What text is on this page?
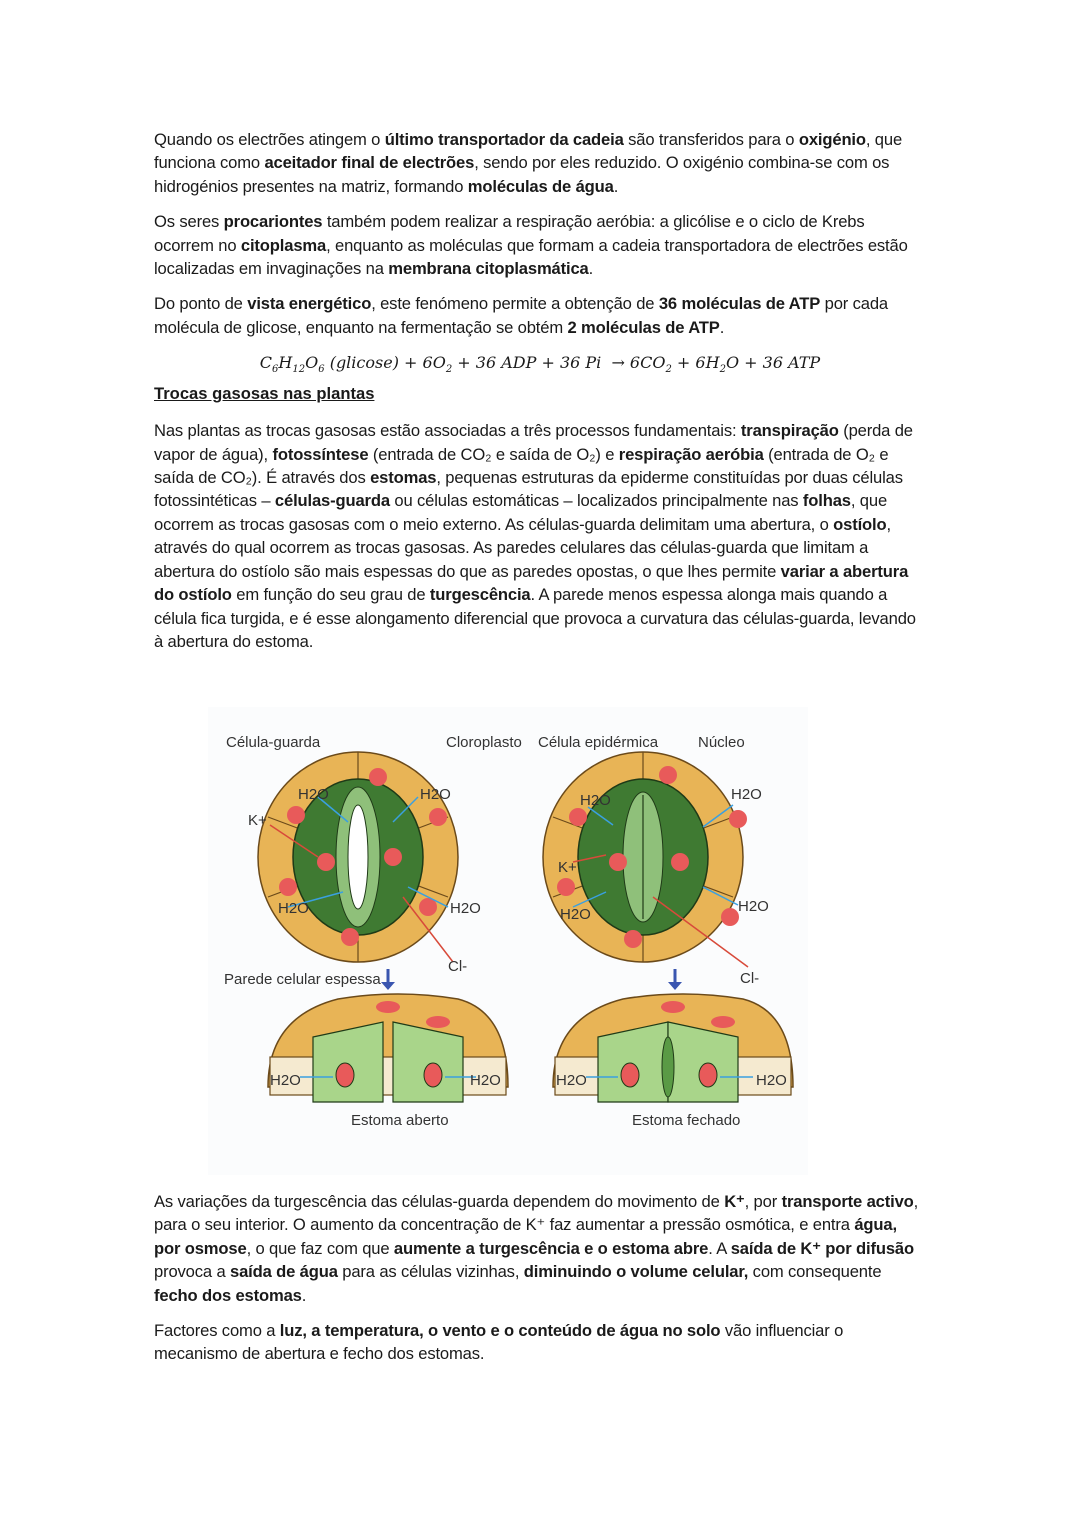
Quando os electrões atingem o último transportador da cadeia são transferidos para o oxigénio, que funciona como aceitador final de electrões, sendo por eles reduzido. O oxigénio combina-se com os hidrogénios presentes na matriz, formando moléculas de água.

Os seres procariontes também podem realizar a respiração aeróbia: a glicólise e o ciclo de Krebs ocorrem no citoplasma, enquanto as moléculas que formam a cadeia transportadora de electrões estão localizadas em invaginações na membrana citoplasmática.

Do ponto de vista energético, este fenómeno permite a obtenção de 36 moléculas de ATP por cada molécula de glicose, enquanto na fermentação se obtém 2 moléculas de ATP.

$C_6H_{12}O_6$ $(glicose) + 6O_2 + 36$ ADP + 36 $Pi \to 6CO_2 + 6H_2O + 36$ ATP
Trocas gasosas nas plantas

Nas plantas as trocas gasosas estão associadas a três processos fundamentais: transpiração (perda de vapor de água), fotossíntese (entrada de CO₂ e saída de O₂) e respiração aeróbia (entrada de O₂ e saída de CO₂). É através dos estomas, pequenas estruturas da epiderme constituídas por duas células fotossintéticas – células-guarda ou células estomáticas – localizados principalmente nas folhas, que ocorrem as trocas gasosas com o meio externo. As células-guarda delimitam uma abertura, o ostíolo, através do qual ocorrem as trocas gasosas. As paredes celulares das células-guarda que limitam a abertura do ostíolo são mais espessas do que as paredes opostas, o que lhes permite variar a abertura do ostíolo em função do seu grau de turgescência. A parede menos espessa alonga mais quando a célula fica turgida, e é esse alongamento diferencial que provoca a curvatura das células-guarda, levando à abertura do estoma.

Célula-guarda	Cloroplasto Célula epidérmica	Núcleo
K+
H2O	H2O
H2O	H2O
H2O	H2O
K+
H2O	H2O
Cl-
Cl-
Parede celular espessa
H2O	H2O	H2O	H2O
Estoma aberto	Estoma fechado

As variações da turgescência das células-guarda dependem do movimento de K⁺, por transporte activo, para o seu interior. O aumento da concentração de K⁺ faz aumentar a pressão osmótica, e entra água, por osmose, o que faz com que aumente a turgescência e o estoma abre. A saída de K⁺ por difusão provoca a saída de água para as células vizinhas, diminuindo o volume celular, com consequente fecho dos estomas.

Factores como a luz, a temperatura, o vento e o conteúdo de água no solo vão influenciar o mecanismo de abertura e fecho dos estomas.
